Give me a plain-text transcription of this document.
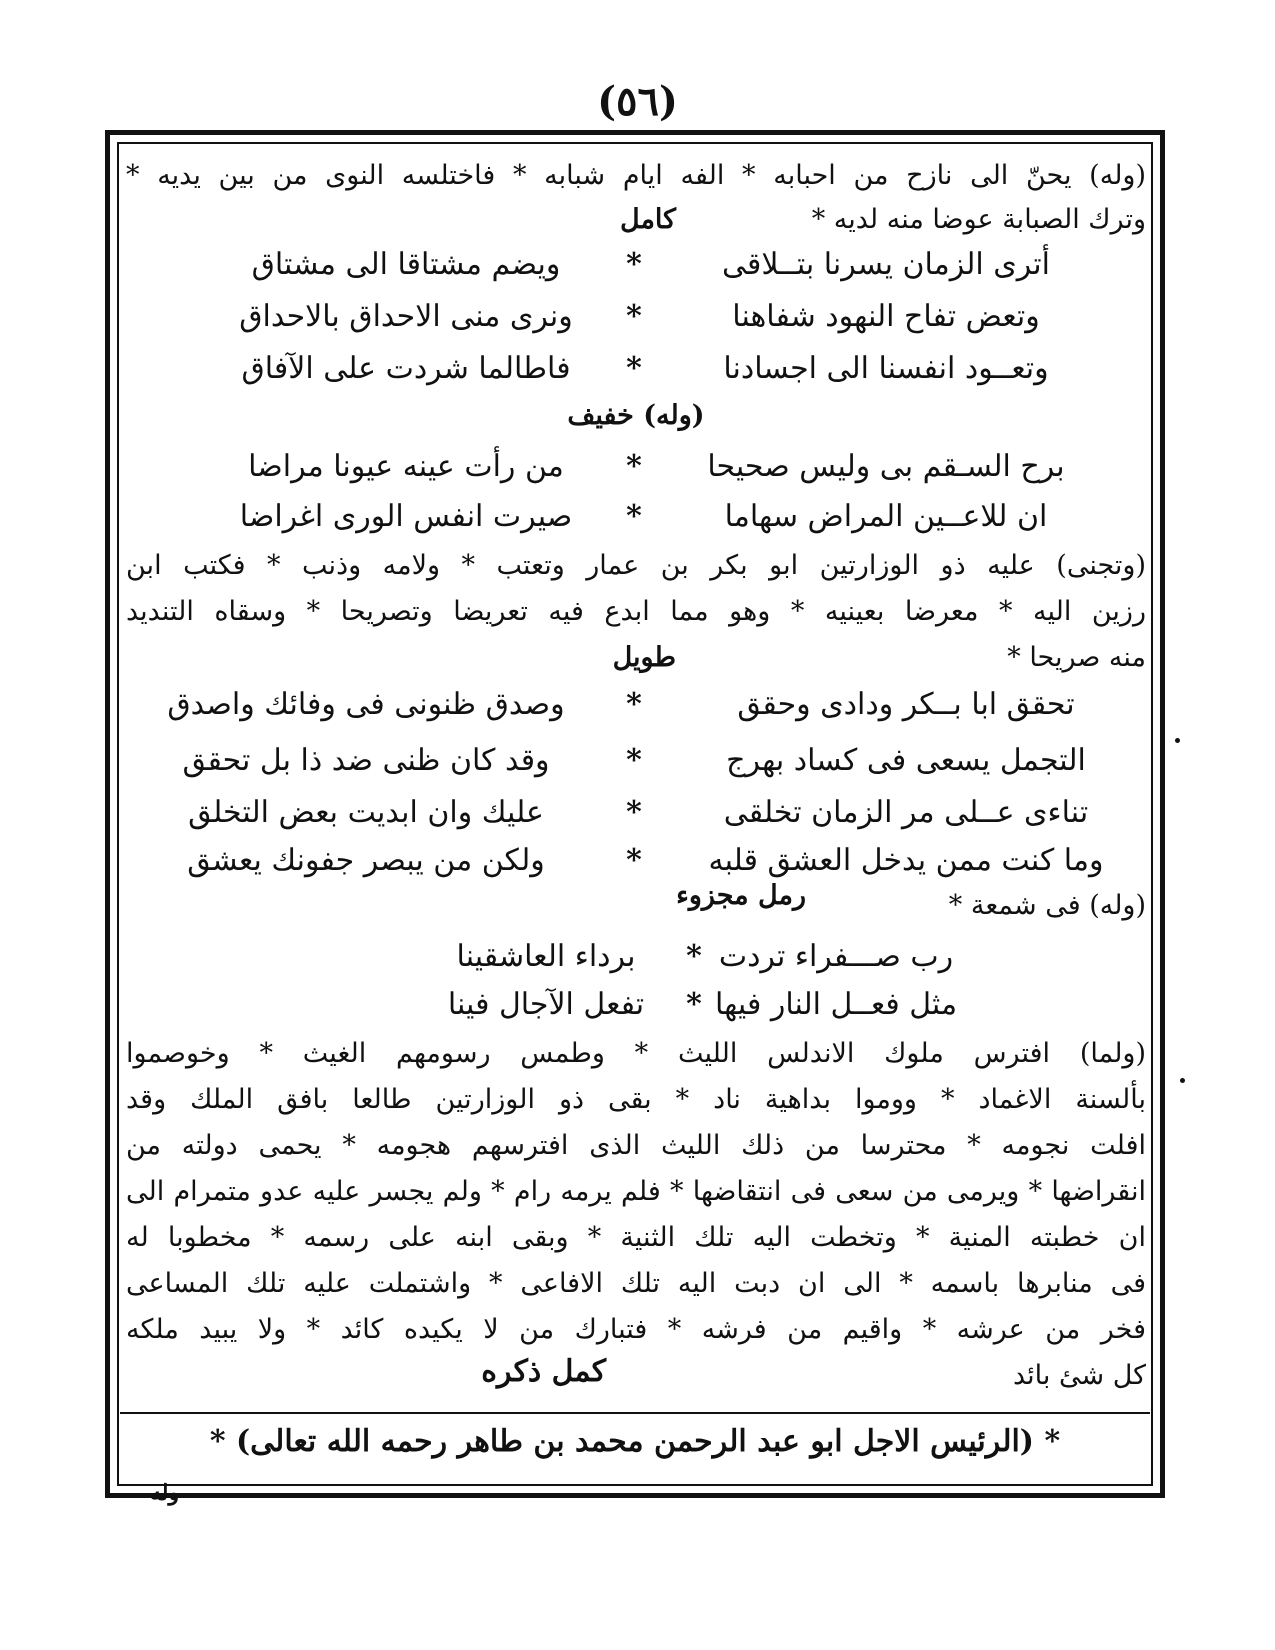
(٥٦)
(وله) يحنّ الى نازح من احبابه * الفه ايام شبابه * فاختلسه النوى من بين يديه *
وترك الصبابة عوضا منه لديه *
كامل
أترى الزمان يسرنا بتــلاقى
*
ويضم مشتاقا الى مشتاق
وتعض تفاح النهود شفاهنا
*
ونرى منى الاحداق بالاحداق
وتعــود انفسنا الى اجسادنا
*
فاطالما شردت على الآفاق
(وله) خفيف
برح السـقم بى وليس صحيحا
*
من رأت عينه عيونا مراضا
ان للاعــين المراض سهاما
*
صيرت انفس الورى اغراضا
(وتجنى) عليه ذو الوزارتين ابو بكر بن عمار وتعتب * ولامه وذنب * فكتب ابن
رزين اليه * معرضا بعينيه * وهو مما ابدع فيه تعريضا وتصريحا * وسقاه التنديد
منه صريحا *
طويل
تحقق ابا بــكر ودادى وحقق
*
وصدق ظنونى فى وفائك واصدق
التجمل يسعى فى كساد بهرج
*
وقد كان ظنى ضد ذا بل تحقق
تناءى عــلى مر الزمان تخلقى
*
عليك وان ابديت بعض التخلق
وما كنت ممن يدخل العشق قلبه
*
ولكن من يبصر جفونك يعشق
(وله) فى شمعة *
رمل مجزوء
رب صـــفراء تردت
*
برداء العاشقينا
مثل فعــل النار فيها
*
تفعل الآجال فينا
(ولما) افترس ملوك الاندلس الليث * وطمس رسومهم الغيث * وخوصموا
بألسنة الاغماد * ووموا بداهية ناد * بقى ذو الوزارتين طالعا بافق الملك وقد
افلت نجومه * محترسا من ذلك الليث الذى افترسهم هجومه * يحمى دولته من
انقراضها * ويرمى من سعى فى انتقاضها * فلم يرمه رام * ولم يجسر عليه عدو متمرام الى
ان خطبته المنية * وتخطت اليه تلك الثنية * وبقى ابنه على رسمه * مخطوبا له
فى منابرها باسمه * الى ان دبت اليه تلك الافاعى * واشتملت عليه تلك المساعى
فخر من عرشه * واقيم من فرشه * فتبارك من لا يكيده كائد * ولا يبيد ملكه
كل شئ بائد
كمل ذكره
* (الرئيس الاجل ابو عبد الرحمن محمد بن طاهر رحمه الله تعالى) *
وله
